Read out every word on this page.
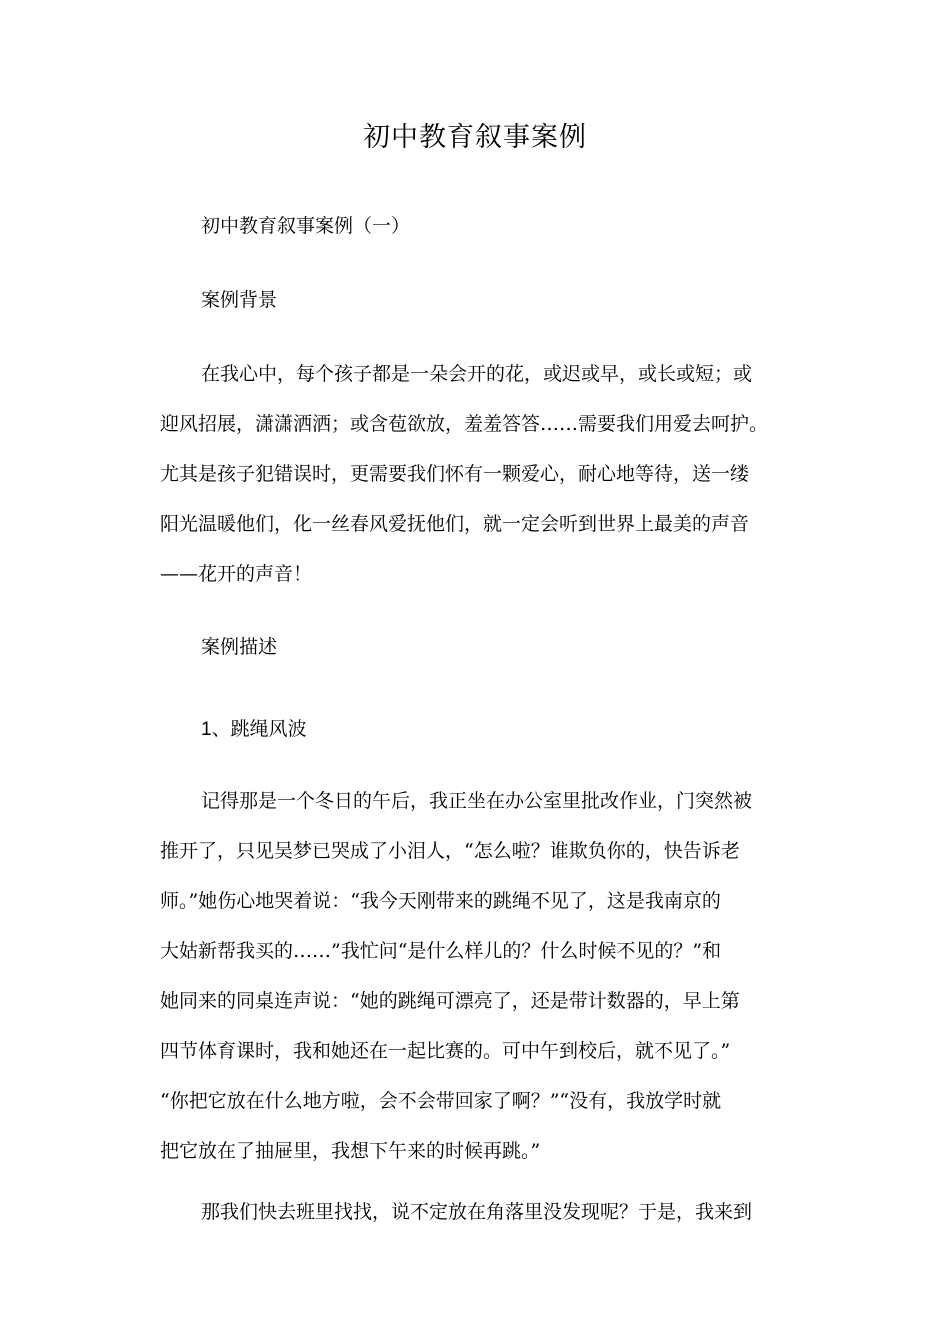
初中教育叙事案例
初中教育叙事案例（一）
案例背景
在我心中，每个孩子都是一朵会开的花，或迟或早，或长或短；或
迎风招展，潇潇洒洒；或含苞欲放，羞羞答答……需要我们用爱去呵护。
尤其是孩子犯错误时，更需要我们怀有一颗爱心，耐心地等待，送一缕
阳光温暖他们，化一丝春风爱抚他们，就一定会听到世界上最美的声音
——花开的声音！
案例描述
1、跳绳风波
记得那是一个冬日的午后，我正坐在办公室里批改作业，门突然被
推开了，只见吴梦已哭成了小泪人，“怎么啦？谁欺负你的，快告诉老
师。”她伤心地哭着说：“我今天刚带来的跳绳不见了，这是我南京的
大姑新帮我买的……”我忙问“是什么样儿的？什么时候不见的？”和
她同来的同桌连声说：“她的跳绳可漂亮了，还是带计数器的，早上第
四节体育课时，我和她还在一起比赛的。可中午到校后，就不见了。”
“你把它放在什么地方啦，会不会带回家了啊？”“没有，我放学时就
把它放在了抽屉里，我想下午来的时候再跳。”
那我们快去班里找找，说不定放在角落里没发现呢？于是，我来到
